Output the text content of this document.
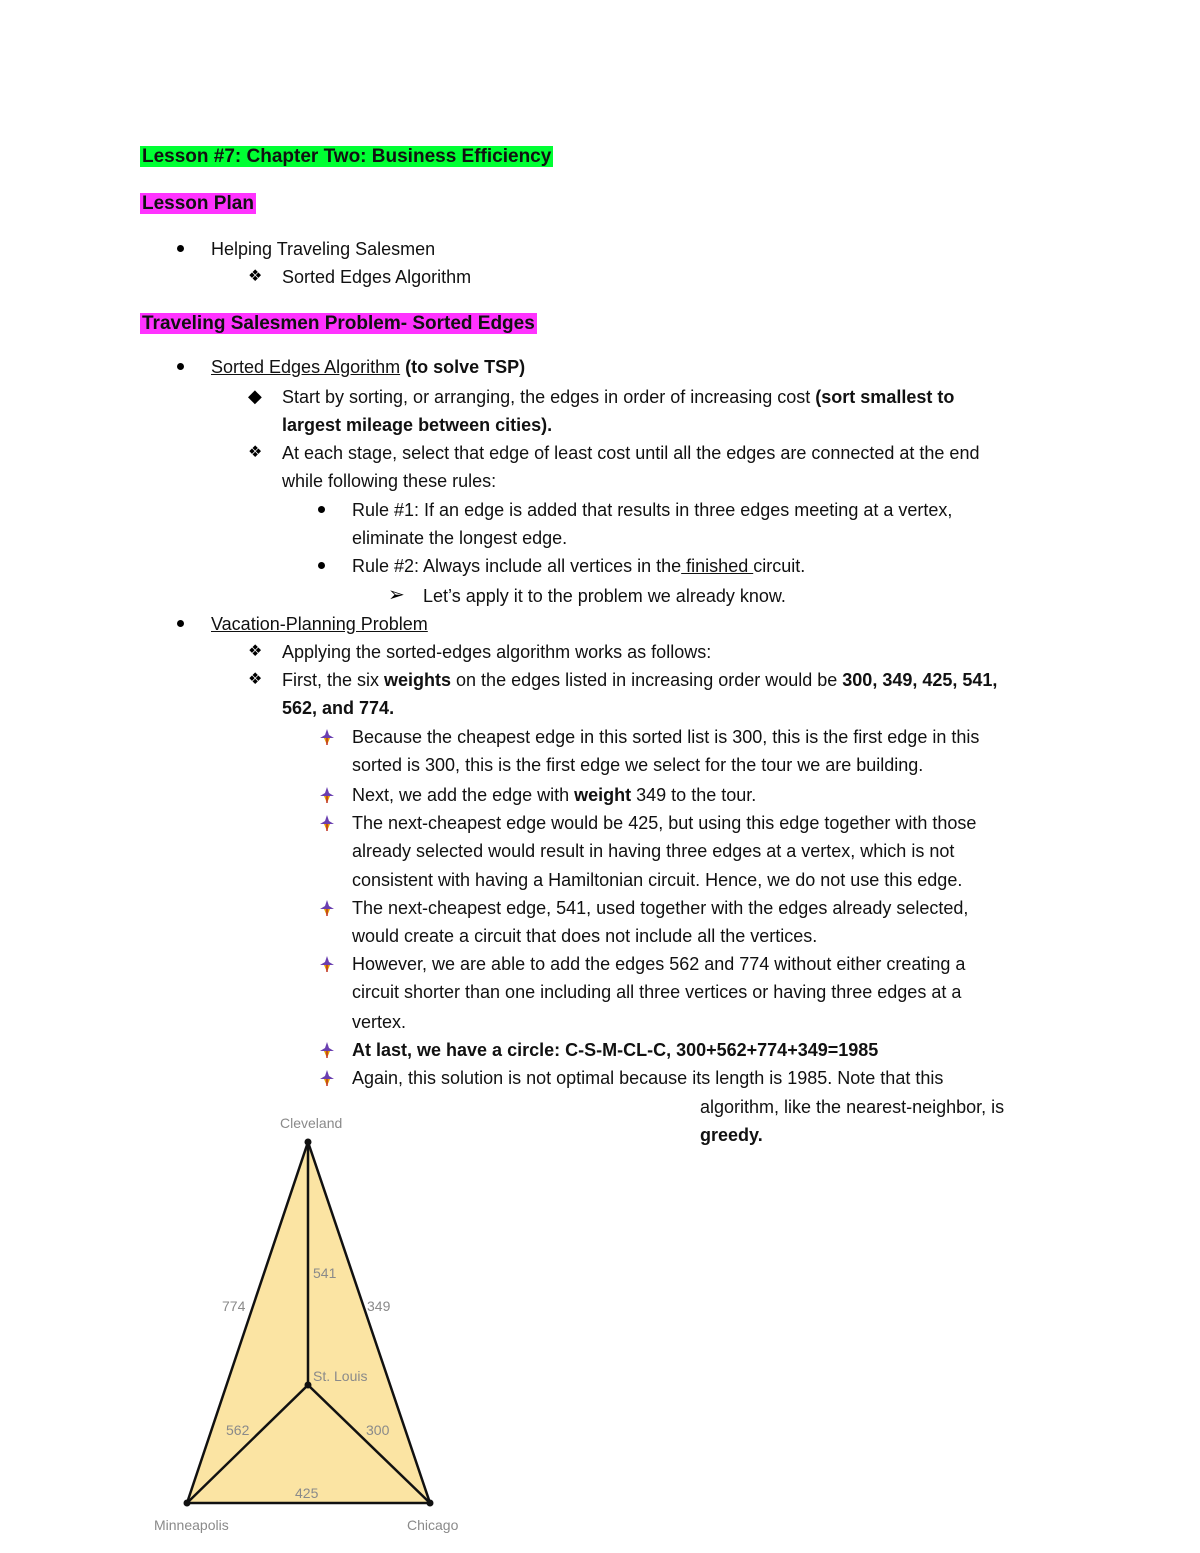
Lesson #7: Chapter Two: Business Efficiency
Lesson Plan
Helping Traveling Salesmen
❖ Sorted Edges Algorithm
Traveling Salesmen Problem- Sorted Edges
Sorted Edges Algorithm (to solve TSP)
◆ Start by sorting, or arranging, the edges in order of increasing cost (sort smallest to
largest mileage between cities).
❖ At each stage, select that edge of least cost until all the edges are connected at the end
while following these rules:
Rule #1: If an edge is added that results in three edges meeting at a vertex,
eliminate the longest edge.
Rule #2: Always include all vertices in the finished circuit.
➢ Let’s apply it to the problem we already know.
Vacation-Planning Problem
❖ Applying the sorted-edges algorithm works as follows:
❖ First, the six weights on the edges listed in increasing order would be 300, 349, 425, 541,
562, and 774.
Because the cheapest edge in this sorted list is 300, this is the first edge in this
sorted is 300, this is the first edge we select for the tour we are building.
Next, we add the edge with weight 349 to the tour.
The next-cheapest edge would be 425, but using this edge together with those
already selected would result in having three edges at a vertex, which is not
consistent with having a Hamiltonian circuit. Hence, we do not use this edge.
The next-cheapest edge, 541, used together with the edges already selected,
would create a circuit that does not include all the vertices.
However, we are able to add the edges 562 and 774 without either creating a
circuit shorter than one including all three vertices or having three edges at a
vertex.
At last, we have a circle: C-S-M-CL-C, 300+562+774+349=1985
Again, this solution is not optimal because its length is 1985. Note that this
algorithm, like the nearest-neighbor, is
greedy.
Cleveland
St. Louis
Minneapolis	Chicago
774	349
541
562	300
425
